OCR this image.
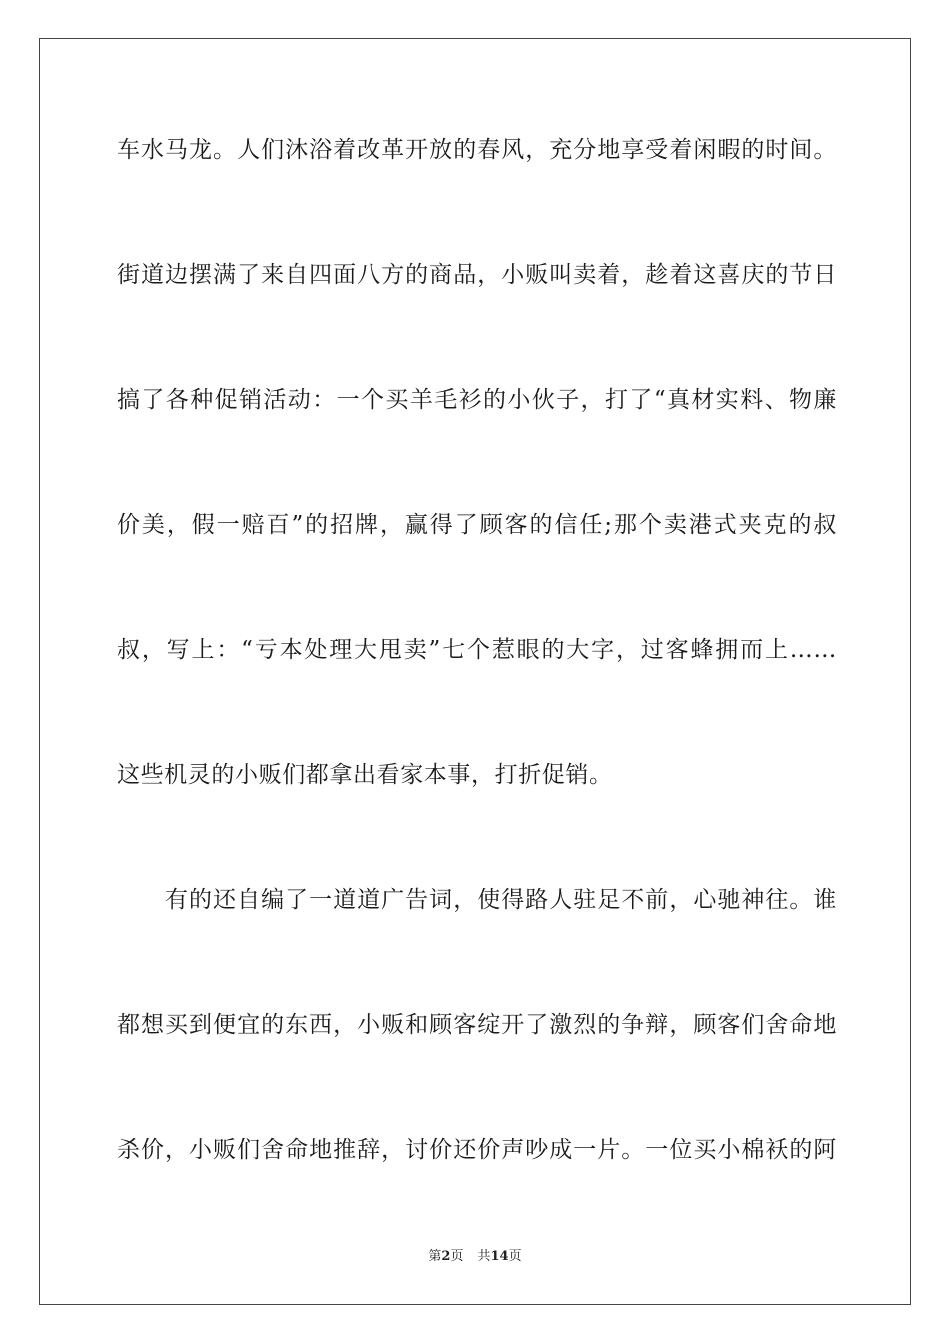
车水马龙。人们沐浴着改革开放的春风，充分地享受着闲暇的时间。
街道边摆满了来自四面八方的商品，小贩叫卖着，趁着这喜庆的节日
搞了各种促销活动：一个买羊毛衫的小伙子，打了“真材实料、物廉
价美，假一赔百”的招牌，赢得了顾客的信任;那个卖港式夹克的叔
叔，写上：“亏本处理大甩卖”七个惹眼的大字，过客蜂拥而上……
这些机灵的小贩们都拿出看家本事，打折促销。
　　有的还自编了一道道广告词，使得路人驻足不前，心驰神往。谁
都想买到便宜的东西，小贩和顾客绽开了激烈的争辩，顾客们舍命地
杀价，小贩们舍命地推辞，讨价还价声吵成一片。一位买小棉袄的阿
第2页 共14页
